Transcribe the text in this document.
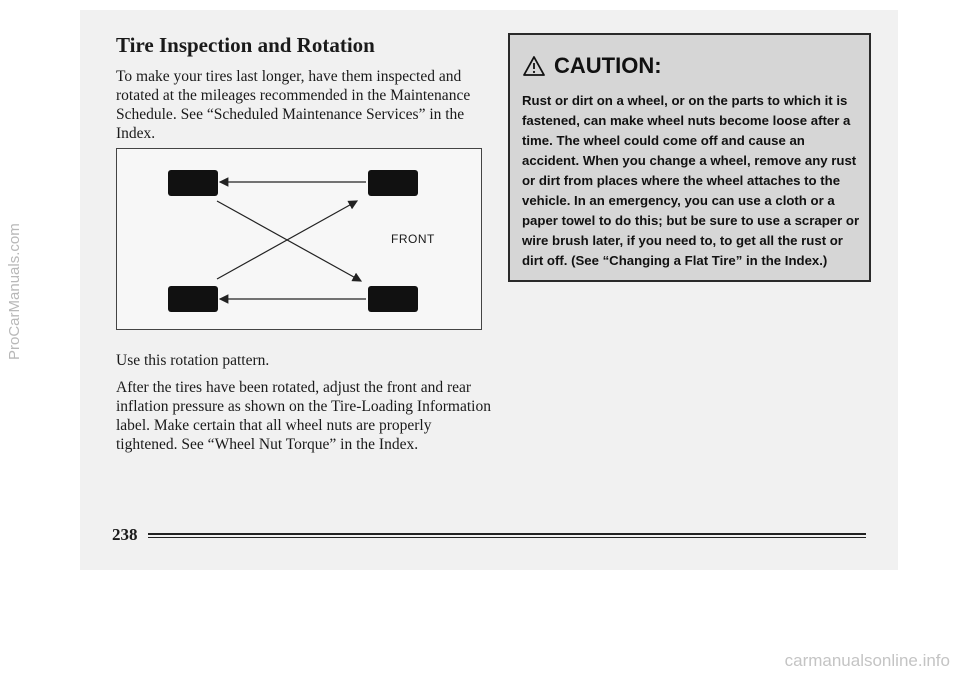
Tire Inspection and Rotation

To make your tires last longer, have them inspected and rotated at the mileages recommended in the Maintenance Schedule. See “Scheduled Maintenance Services” in the Index.

FRONT

Use this rotation pattern.

After the tires have been rotated, adjust the front and rear inflation pressure as shown on the Tire-Loading Information label. Make certain that all wheel nuts are properly tightened. See “Wheel Nut Torque” in the Index.

CAUTION:

Rust or dirt on a wheel, or on the parts to which it is fastened, can make wheel nuts become loose after a time. The wheel could come off and cause an accident. When you change a wheel, remove any rust or dirt from places where the wheel attaches to the vehicle. In an emergency, you can use a cloth or a paper towel to do this; but be sure to use a scraper or wire brush later, if you need to, to get all the rust or dirt off. (See “Changing a Flat Tire” in the Index.)

238
ProCarManuals.com
carmanualsonline.info
